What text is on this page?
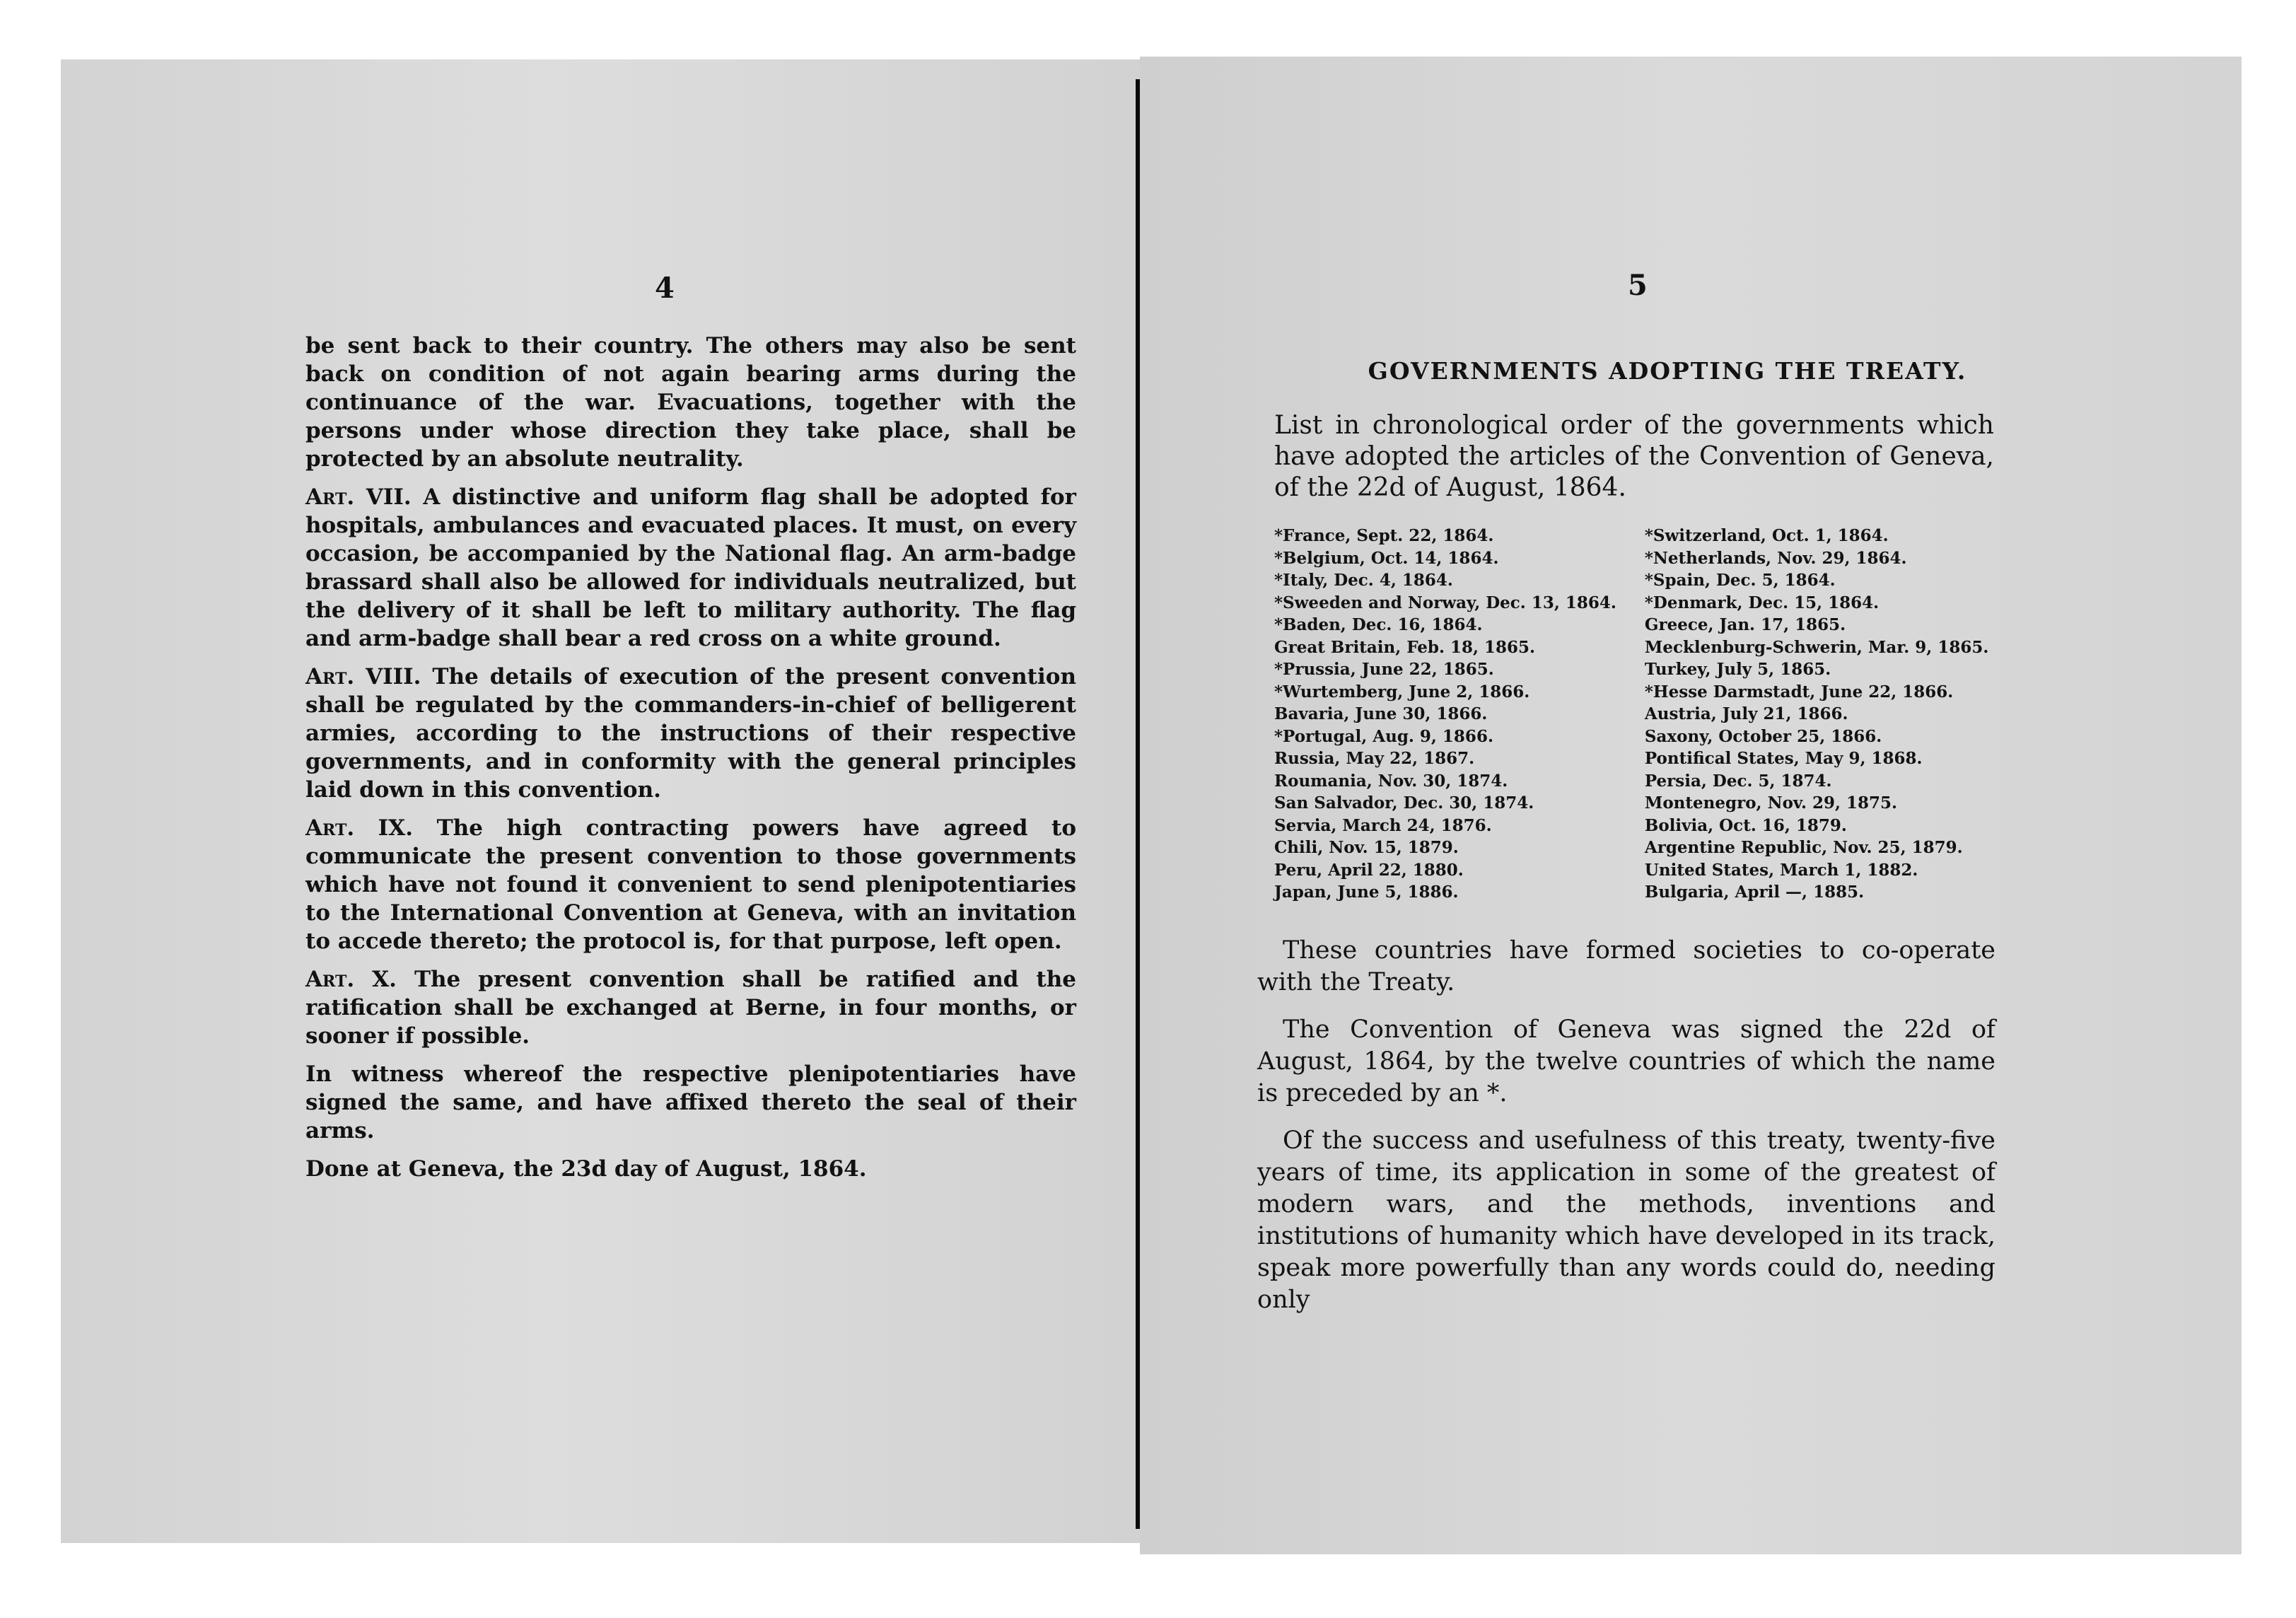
4

be sent back to their country. The others may also be sent back on condition of not again bearing arms during the continuance of the war. Evacuations, together with the persons under whose direction they take place, shall be protected by an absolute neutrality.

Art. VII. A distinctive and uniform flag shall be adopted for hospitals, ambulances and evacuated places. It must, on every occasion, be accompanied by the National flag. An arm-badge brassard shall also be allowed for individuals neutralized, but the delivery of it shall be left to military authority. The flag and arm-badge shall bear a red cross on a white ground.

Art. VIII. The details of execution of the present convention shall be regulated by the commanders-in-chief of belligerent armies, according to the instructions of their respective governments, and in conformity with the general principles laid down in this convention.

Art. IX. The high contracting powers have agreed to communicate the present convention to those governments which have not found it convenient to send plenipotentiaries to the International Convention at Geneva, with an invitation to accede thereto; the protocol is, for that purpose, left open.

Art. X. The present convention shall be ratified and the ratification shall be exchanged at Berne, in four months, or sooner if possible.

In witness whereof the respective plenipotentiaries have signed the same, and have affixed thereto the seal of their arms.

Done at Geneva, the 23d day of August, 1864.

5
GOVERNMENTS ADOPTING THE TREATY.
List in chronological order of the governments which have adopted the articles of the Convention of Geneva, of the 22d of August, 1864.
*France, Sept. 22, 1864.
*Belgium, Oct. 14, 1864.
*Italy, Dec. 4, 1864.
*Sweeden and Norway, Dec. 13, 1864.
*Baden, Dec. 16, 1864.
Great Britain, Feb. 18, 1865.
*Prussia, June 22, 1865.
*Wurtemberg, June 2, 1866.
Bavaria, June 30, 1866.
*Portugal, Aug. 9, 1866.
Russia, May 22, 1867.
Roumania, Nov. 30, 1874.
San Salvador, Dec. 30, 1874.
Servia, March 24, 1876.
Chili, Nov. 15, 1879.
Peru, April 22, 1880.
Japan, June 5, 1886.
*Switzerland, Oct. 1, 1864.
*Netherlands, Nov. 29, 1864.
*Spain, Dec. 5, 1864.
*Denmark, Dec. 15, 1864.
Greece, Jan. 17, 1865.
Mecklenburg-Schwerin, Mar. 9, 1865.
Turkey, July 5, 1865.
*Hesse Darmstadt, June 22, 1866.
Austria, July 21, 1866.
Saxony, October 25, 1866.
Pontifical States, May 9, 1868.
Persia, Dec. 5, 1874.
Montenegro, Nov. 29, 1875.
Bolivia, Oct. 16, 1879.
Argentine Republic, Nov. 25, 1879.
United States, March 1, 1882.
Bulgaria, April —, 1885.

These countries have formed societies to co-operate with the Treaty.

The Convention of Geneva was signed the 22d of August, 1864, by the twelve countries of which the name is preceded by an *.

Of the success and usefulness of this treaty, twenty-five years of time, its application in some of the greatest of modern wars, and the methods, inventions and institutions of humanity which have developed in its track, speak more powerfully than any words could do, needing only
